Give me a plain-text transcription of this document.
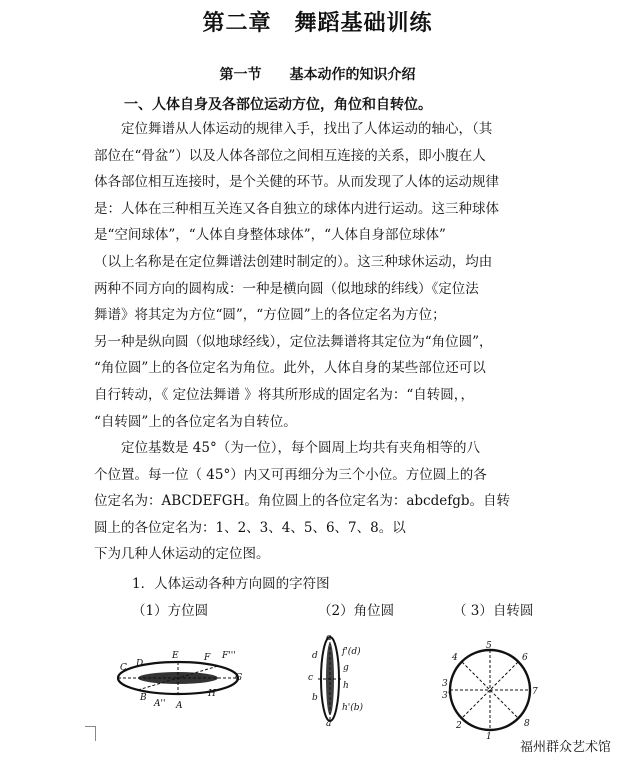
第二章　舞蹈基础训练
第一节　　基本动作的知识介绍
一、人体自身及各部位运动方位，角位和自转位。
　　定位舞谱从人体运动的规律入手，找出了人体运动的轴心，（其
部位在“骨盆”）以及人体各部位之间相互连接的关系，即小腹在人
体各部位相互连接时，是个关健的环节。从而发现了人体的运动规律
是：人体在三种相互关连又各自独立的球体内进行运动。这三种球体
是“空间球体”，“人体自身整体球体”，“人体自身部位球体”
（以上名称是在定位舞谱法创建时制定的）。这三种球休运动，均由
两种不同方向的圆构成：一种是横向圆（似地球的纬线）《定位法
舞谱》将其定为方位“圆”，“方位圆”上的各位定名为方位；
另一种是纵向圆（似地球经线），定位法舞谱将其定位为“角位圆”，
“角位圆”上的各位定名为角位。此外，人体自身的某些部位还可以
自行转动，《 定位法舞谱 》将其所形成的固定名为：“自转圆，，
“自转圆”上的各位定名为自转位。
　　定位基数是 45°（为一位），每个圆周上均共有夹角相等的八
个位置。每一位（ 45°）内又可再细分为三个小位。方位圆上的各
位定名为：ABCDEFGH。角位圆上的各位定名为：abcdefgb。自转
圆上的各位定名为：1、2、3、4、5、6、7、8。以
下为几种人休运动的定位图。
1．人体运动各种方向圆的字符图
（1）方位圆	（2）角位圆	（ 3）自转圆
C D
E	F F'''
G
B
A'' A
H
e
f'(d)
d
g
c
h
b
h'(b)
a
5
6
7
4
3
3'
8
2
1
福州群众艺术馆
